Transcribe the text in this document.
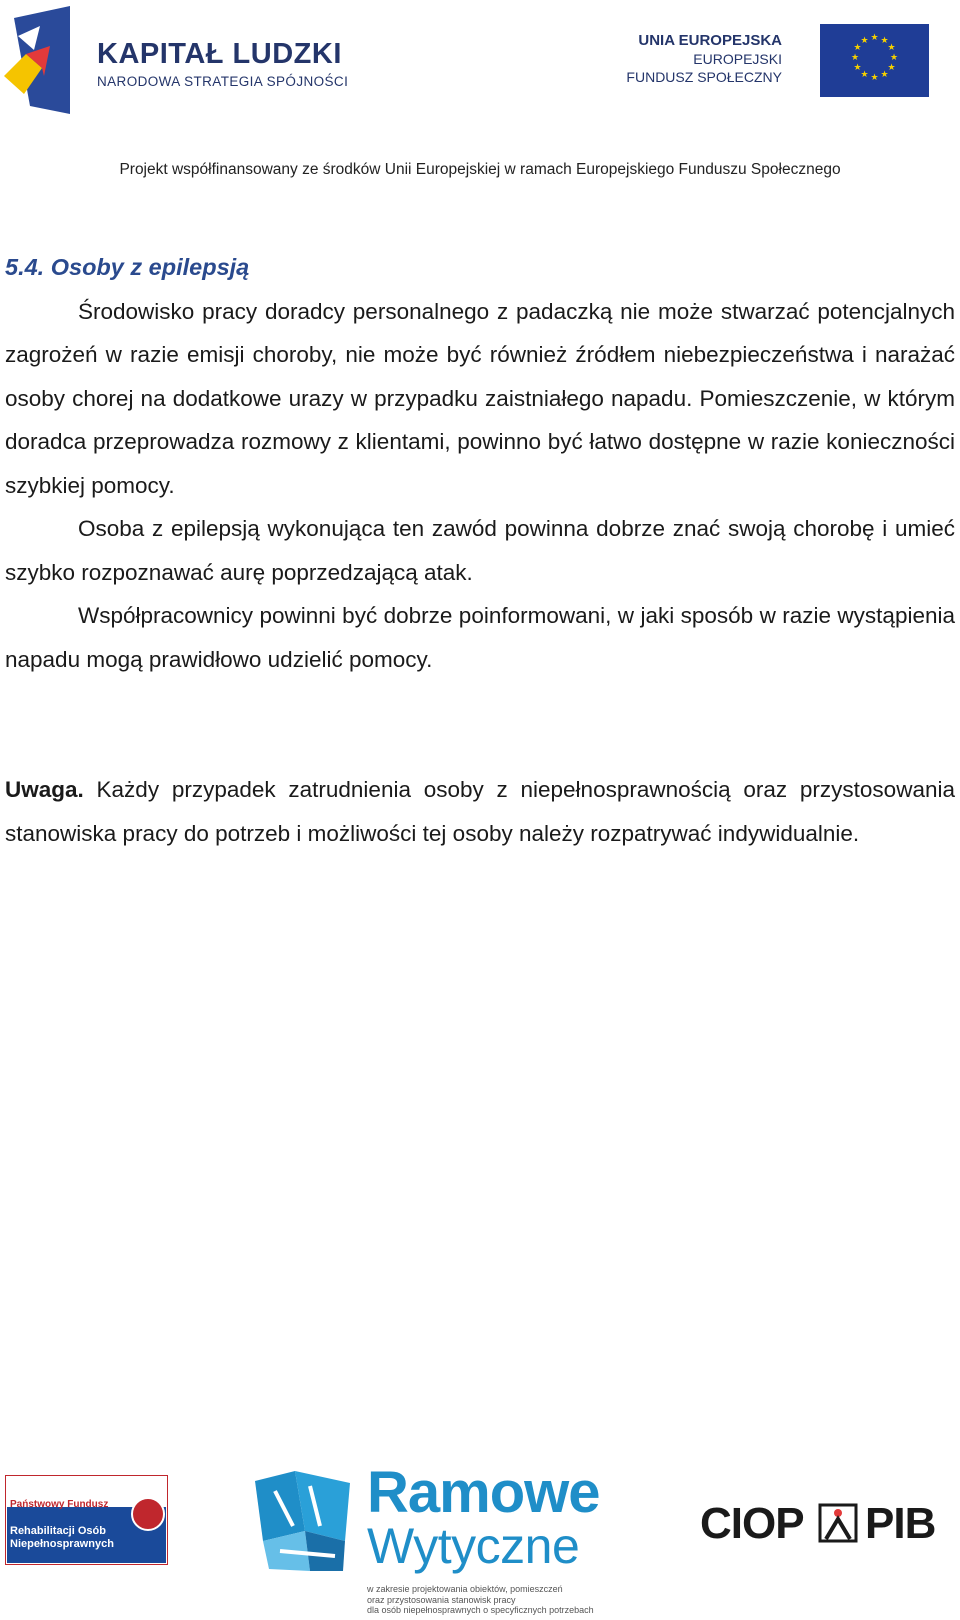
KAPITAŁ LUDZKI
NARODOWA STRATEGIA SPÓJNOŚCI
UNIA EUROPEJSKA
EUROPEJSKI
FUNDUSZ SPOŁECZNY
★ ★
★
★
★
★
★
★
★
★
★
★
Projekt współfinansowany ze środków Unii Europejskiej w ramach Europejskiego Funduszu Społecznego

5.4. Osoby z epilepsją

Środowisko pracy doradcy personalnego z padaczką nie może stwarzać potencjalnych zagrożeń w razie emisji choroby, nie może być również źródłem niebezpieczeństwa i narażać osoby chorej na dodatkowe urazy w przypadku zaistniałego napadu. Pomieszczenie, w którym doradca przeprowadza rozmowy z klientami, powinno być łatwo dostępne w razie konieczności szybkiej pomocy.

Osoba z epilepsją wykonująca ten zawód powinna dobrze znać swoją chorobę i umieć szybko rozpoznawać aurę poprzedzającą atak.

Współpracownicy powinni być dobrze poinformowani, w jaki sposób w razie wystąpienia napadu mogą prawidłowo udzielić pomocy.

Uwaga. Każdy przypadek zatrudnienia osoby z niepełnosprawnością oraz przystosowania stanowiska pracy do potrzeb i możliwości tej osoby należy rozpatrywać indywidualnie.

Państwowy Fundusz
Rehabilitacji Osób
Niepełnosprawnych
Ramowe
Wytyczne
w zakresie projektowania obiektów, pomieszczeń
oraz przystosowania stanowisk pracy
dla osób niepełnosprawnych o specyficznych potrzebach
CIOP PIB
